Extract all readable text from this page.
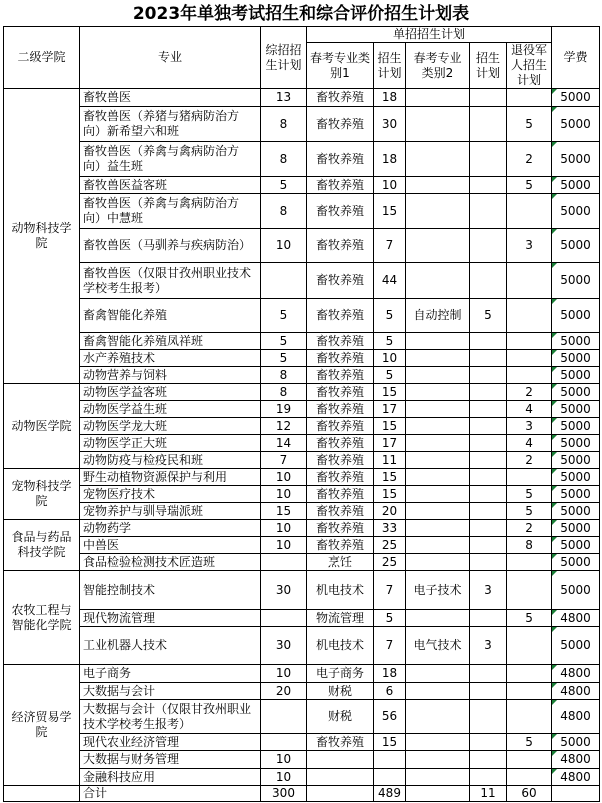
2023年单独考试招生和综合评价招生计划表
二级学院	专业	综招招生计划	单招招生计划					学费
			春考专业类别1	招生计划	春考专业类别2	招生计划	退役军人招生计划	
动物科技学院	畜牧兽医	13	畜牧养殖	18				5000
	畜牧兽医（养猪与猪病防治方向）新希望六和班	8	畜牧养殖	30			5	5000
	畜牧兽医（养禽与禽病防治方向）益生班	8	畜牧养殖	18			2	5000
	畜牧兽医益客班	5	畜牧养殖	10			5	5000
	畜牧兽医（养禽与禽病防治方向）中慧班	8	畜牧养殖	15				5000
	畜牧兽医（马驯养与疾病防治）	10	畜牧养殖	7			3	5000
	畜牧兽医（仅限甘孜州职业技术学校考生报考）		畜牧养殖	44				5000
	畜禽智能化养殖	5	畜牧养殖	5	自动控制	5		5000
	畜禽智能化养殖凤祥班	5	畜牧养殖	5				5000
	水产养殖技术	5	畜牧养殖	10				5000
	动物营养与饲料	8	畜牧养殖	5				5000
动物医学院	动物医学益客班	8	畜牧养殖	15			2	5000
	动物医学益生班	19	畜牧养殖	17			4	5000
	动物医学龙大班	12	畜牧养殖	15			3	5000
	动物医学正大班	14	畜牧养殖	17			4	5000
	动物防疫与检疫民和班	7	畜牧养殖	11			2	5000
宠物科技学院	野生动植物资源保护与利用	10	畜牧养殖	15				5000
	宠物医疗技术	10	畜牧养殖	15			5	5000
	宠物养护与驯导瑞派班	15	畜牧养殖	20			5	5000
食品与药品科技学院	动物药学	10	畜牧养殖	33			2	5000
	中兽医	10	畜牧养殖	25			8	5000
	食品检验检测技术匠造班		烹饪	25				5000
农牧工程与智能化学院	智能控制技术	30	机电技术	7	电子技术	3		5000
	现代物流管理		物流管理	5			5	4800
	工业机器人技术	30	机电技术	7	电气技术	3		5000
经济贸易学院	电子商务	10	电子商务	18				4800
	大数据与会计	20	财税	6				4800
	大数据与会计（仅限甘孜州职业技术学校考生报考）		财税	56				4800
	现代农业经济管理		畜牧养殖	15			5	5000
	大数据与财务管理	10						4800
	金融科技应用	10						4800
	合计	300		489		11	60	
